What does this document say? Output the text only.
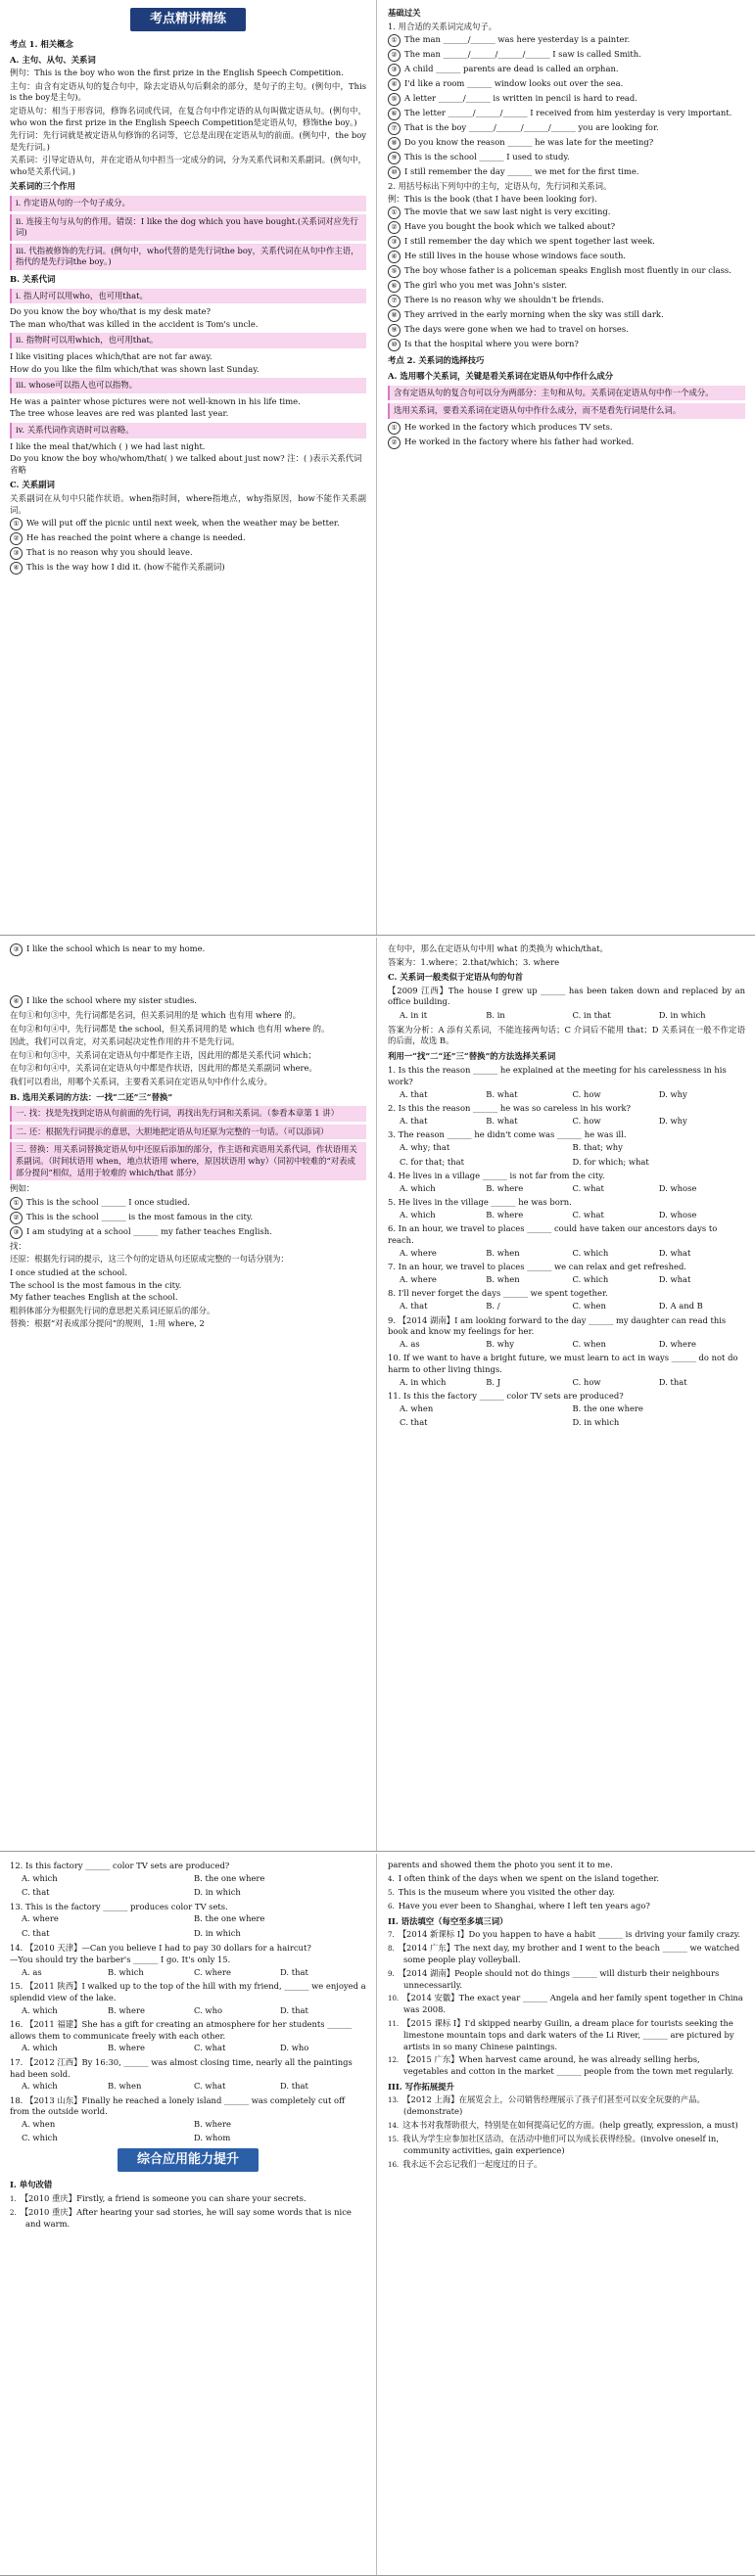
考点精讲精练
考点 1. 相关概念
A. 主句、从句、关系词
例句：This is the boy who won the first prize in the English Speech Competition.
主句：由含有定语从句的复合句中，除去定语从句后剩余的部分，是句子的主句。(例句中，This is the boy是主句)。
定语从句：相当于形容词，修饰名词或代词，在复合句中作定语的从句叫做定语从句。(例句中，who won the first prize in the English Speech Competition是定语从句，修饰the boy。)
先行词：先行词就是被定语从句修饰的名词等，它总是出现在定语从句的前面。(例句中，the boy是先行词。)
关系词：引导定语从句，并在定语从句中担当一定成分的词，分为关系代词和关系副词。(例句中，who是关系代词。)
关系词的三个作用
i. 作定语从句的一个句子成分。
ii. 连接主句与从句的作用。错误：I like the dog which you have bought.(关系词对应先行词)
iii. 代指被修饰的先行词。(例句中，who代替的是先行词the boy，关系代词在从句中作主语，指代的是先行词the boy。)
B. 关系代词
i. 指人时可以用who，也可用that。
Do you know the boy who/that is my desk mate?
The man who/that was killed in the accident is Tom's uncle.
ii. 指物时可以用which，也可用that。
I like visiting places which/that are not far away.
How do you like the film which/that was shown last Sunday.
iii. whose可以指人也可以指物。
He was a painter whose pictures were not well-known in his life time.
The tree whose leaves are red was planted last year.
iv. 关系代词作宾语时可以省略。
I like the meal that/which ( ) we had last night.
Do you know the boy who/whom/that( ) we talked about just now? 注：( )表示关系代词省略
C. 关系副词
关系副词在从句中只能作状语。when指时间，where指地点，why指原因，how不能作关系副词。
① We will put off the picnic until next week, when the weather may be better.
② He has reached the point where a change is needed.
③ That is no reason why you should leave.
④ This is the way how I did it. (how不能作关系副词)
基础过关
1. 用合适的关系词完成句子。
① The man ______/______ was here yesterday is a painter.
② The man ______/______/______/______ I saw is called Smith.
③ A child ______ parents are dead is called an orphan.
④ I'd like a room ______ window looks out over the sea.
⑤ A letter ______/______ is written in pencil is hard to read.
⑥ The letter ______/______/______ I received from him yesterday is very important.
⑦ That is the boy ______/______/______/______ you are looking for.
⑧ Do you know the reason ______ he was late for the meeting?
⑨ This is the school ______ I used to study.
⑩ I still remember the day ______ we met for the first time.
2. 用括号标出下列句中的主句，定语从句，先行词和关系词。
例：This is the book (that I have been looking for).
① The movie that we saw last night is very exciting.
② Have you bought the book which we talked about?
③ I still remember the day which we spent together last week.
④ He still lives in the house whose windows face south.
⑤ The boy whose father is a policeman speaks English most fluently in our class.
⑥ The girl who you met was John's sister.
⑦ There is no reason why we shouldn't be friends.
⑧ They arrived in the early morning when the sky was still dark.
⑨ The days were gone when we had to travel on horses.
⑩ Is that the hospital where you were born?
考点 2. 关系词的选择技巧
A. 选用哪个关系词，关键是看关系词在定语从句中作什么成分
含有定语从句的复合句可以分为两部分：主句和从句。关系词在定语从句中作一个成分。
选用关系词，要看关系词在定语从句中作什么成分，而不是看先行词是什么词。
① He worked in the factory which produces TV sets.
② He worked in the factory where his father had worked.
③ I like the school which is near to my home.
④ I like the school where my sister studies.
在句①和句③中，先行词都是名词，但关系词用的是 which 也有用 where 的。
在句②和句④中，先行词都是 the school，但关系词用的是 which 也有用 where 的。
因此，我们可以肯定，对关系词起决定性作用的并不是先行词。
在句①和句③中，关系词在定语从句中都是作主语，因此用的都是关系代词 which；
在句②和句④中，关系词在定语从句中都是作状语，因此用的都是关系副词 where。
我们可以看出，用哪个关系词，主要看关系词在定语从句中作什么成分。
B. 选用关系词的方法：一找“二还”三“替换”
一. 找：找是先找到定语从句前面的先行词，再找出先行词和关系词。（参看本章第 1 讲）
二. 还：根据先行词提示的意思，大胆地把定语从句还原为完整的一句话。（可以添词）
三. 替换：用关系词替换定语从句中还原后添加的部分，作主语和宾语用关系代词，作状语用关系副词。（时间状语用 when，地点状语用 where，原因状语用 why）（同初中较难的“对表成部分提问”相似，适用于较难的 which/that 部分）
例如：
① This is the school ______ I once studied.
② This is the school ______ is the most famous in the city.
③ I am studying at a school ______ my father teaches English.
找：
还原：根据先行词的提示，这三个句的定语从句还原成完整的一句话分别为：
I once studied at the school.
The school is the most famous in the city.
My father teaches English at the school.
粗斜体部分为根据先行词的意思把关系词还原后的部分。
替换：根据“对表成部分提问”的规则，1:用 where, 2
在句中，那么在定语从句中用 what 的类换为 which/that。
答案为：1.where；2.that/which；3. where
C. 关系词一般类似于定语从句的句首
【2009 江西】The house I grew up ______ has been taken down and replaced by an office building.
A. in it	B. in	C. in that	D. in which
答案为分析：A 添有关系词，不能连接两句话；C 介词后不能用 that；D 关系词在一般不作定语的后面，故选 B。
利用一“找”二“还”三“替换”的方法选择关系词
1. Is this the reason ______ he explained at the meeting for his carelessness in his work?
A. that	B. what	C. how	D. why
2. Is this the reason ______ he was so careless in his work?
A. that	B. what	C. how	D. why
3. The reason ______ he didn't come was ______ he was ill.
A. why; that	B. that; why
C. for that; that	D. for which; what
4. He lives in a village ______ is not far from the city.
A. which	B. where	C. what	D. whose
5. He lives in the village ______ he was born.
A. which	B. where	C. what	D. whose
6. In an hour, we travel to places ______ could have taken our ancestors days to reach.
A. where	B. when	C. which	D. what
7. In an hour, we travel to places ______ we can relax and get refreshed.
A. where	B. when	C. which	D. what
8. I'll never forget the days ______ we spent together.
A. that	B. /	C. when	D. A and B
9. 【2014 湖南】I am looking forward to the day ______ my daughter can read this book and know my feelings for her.
A. as	B. why	C. when	D. where
10. If we want to have a bright future, we must learn to act in ways ______ do not do harm to other living things.
A. in which	B. J	C. how	D. that
11. Is this the factory ______ color TV sets are produced?
A. when	B. the one where
C. that	D. in which
12. Is this factory ______ color TV sets are produced?
A. which	B. the one where
C. that	D. in which
13. This is the factory ______ produces color TV sets.
A. where	B. the one where
C. that	D. in which
14. 【2010 天津】—Can you believe I had to pay 30 dollars for a haircut?
—You should try the barber's ______ I go. It's only 15.
A. as	B. which	C. where	D. that
15. 【2011 陕西】I walked up to the top of the hill with my friend, ______ we enjoyed a splendid view of the lake.
A. which	B. where	C. who	D. that
16. 【2011 福建】She has a gift for creating an atmosphere for her students ______ allows them to communicate freely with each other.
A. which	B. where	C. what	D. who
17. 【2012 江西】By 16:30, ______ was almost closing time, nearly all the paintings had been sold.
A. which	B. when	C. what	D. that
18. 【2013 山东】Finally he reached a lonely island ______ was completely cut off from the outside world.
A. when	B. where
C. which	D. whom
综合应用能力提升
I. 单句改错
1. 【2010 重庆】Firstly, a friend is someone you can share your secrets.
2. 【2010 重庆】After hearing your sad stories, he will say some words that is nice and warm.
parents and showed them the photo you sent it to me.
4. I often think of the days when we spent on the island together.
5. This is the museum where you visited the other day.
6. Have you ever been to Shanghai, where I left ten years ago?
II. 语法填空（每空至多填三词）
7. 【2014 新课标 I】Do you happen to have a habit ______ is driving your family crazy.
8. 【2014 广东】The next day, my brother and I went to the beach ______ we watched some people play volleyball.
9. 【2014 湖南】People should not do things ______ will disturb their neighbours unnecessarily.
10. 【2014 安徽】The exact year ______ Angela and her family spent together in China was 2008.
11. 【2015 课标 I】I'd skipped nearby Guilin, a dream place for tourists seeking the limestone mountain tops and dark waters of the Li River, ______ are pictured by artists in so many Chinese paintings.
12. 【2015 广东】When harvest came around, he was already selling herbs, vegetables and cotton in the market ______ people from the town met regularly.
III. 写作拓展提升
13. 【2012 上海】在展览会上，公司销售经理展示了孩子们甚至可以安全玩耍的产品。(demonstrate)
14. 这本书对我帮助很大，特别是在如何提高记忆的方面。(help greatly, expression, a must)
15. 我认为学生应参加社区活动，在活动中他们可以为成长获得经验。(involve oneself in, community activities, gain experience)
16. 我永远不会忘记我们一起度过的日子。
